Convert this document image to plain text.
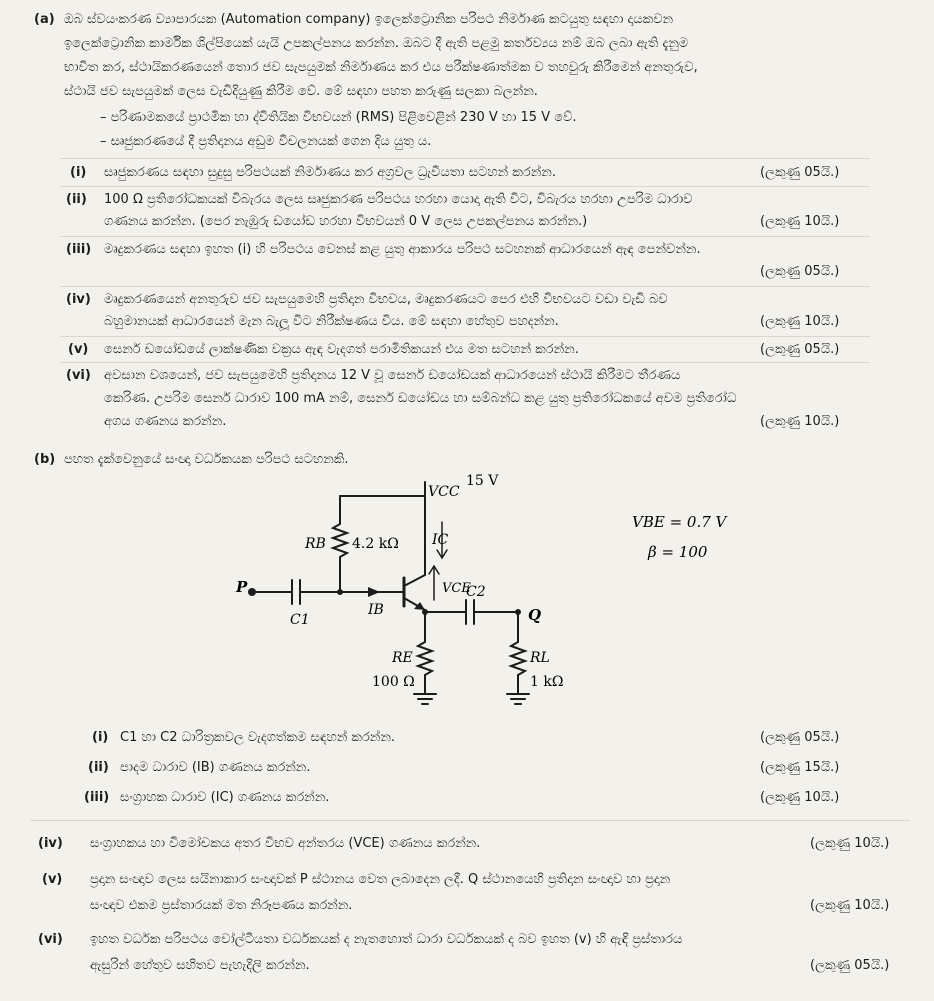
(a) ඔබ ස්වයංකරණ ව්‍යාපාරයක (Automation company) ඉලෙක්ට්‍රොනික පරිපථ නිර්මාණ කටයුතු සඳහා දායකවන
ඉලෙක්ට්‍රොනික කාර්මික ශිල්පියෙක් යැයි උපකල්පනය කරන්න. ඔබට දී ඇති පළමු කර්තව්‍යය නම් ඔබ ලබා ඇති දැනුම
භාවිත කර, ස්ථායිකරණයෙන් තොර ජව සැපයුමක් නිර්මාණය කර එය පරීක්ෂණාත්මක ව තහවුරු කිරීමෙන් අනතුරුව,
ස්ථායි ජව සැපයුමක් ලෙස වැඩිදියුණු කිරීම වේ. මේ සඳහා පහත කරුණු සලකා බලන්න.
– පරිණාමකයේ ප්‍රාථමික හා ද්විතියික විභවයන් (RMS) පිළිවෙළින් 230 V හා 15 V වේ.
– සෘජුකරණයේ දී ප්‍රතිදානය අඩුම විචලනයක් ගෙන දිය යුතු ය.
(i) සෘජුකරණය සඳහා සුදුසු පරිපථයක් නිර්මාණය කර අග්‍රවල ධ්‍රැවීයතා සටහන් කරන්න.	(ලකුණු 05යි.)
(ii) 100 Ω ප්‍රතිරෝධකයක් විබැරය ලෙස සෘජුකරණ පරිපථය හරහා යොදා ඇති විට, විබැරය හරහා උපරිම ධාරාව
ගණනය කරන්න. (පෙර නැඹුරු ඩයෝඩ හරහා විභවයන් 0 V ලෙස උපකල්පනය කරන්න.)	(ලකුණු 10යි.)
(iii) මෘදුකරණය සඳහා ඉහත (i) හි පරිපථය වෙනස් කළ යුතු ආකාරය පරිපථ සටහනක් ආධාරයෙන් ඇඳ පෙන්වන්න.
(ලකුණු 05යි.)
(iv) මෘදුකරණයෙන් අනතුරුව ජව සැපයුමෙහි ප්‍රතිදාන විභවය, මෘදුකරණයට පෙර එහි විභවයට වඩා වැඩි බව
බහුමානයක් ආධාරයෙන් මැන බැලූ විට නිරීක්ෂණය විය. මේ සඳහා හේතුව පහදන්න.	(ලකුණු 10යි.)
(v) සෙනර් ඩයෝඩයේ ලාක්ෂණික වක්‍රය ඇඳ වැදගත් පරාමිතිකයන් එය මත සටහන් කරන්න.	(ලකුණු 05යි.)
(vi) අවසාන වශයෙන්, ජව සැපයුමෙහි ප්‍රතිදානය 12 V වූ සෙනර් ඩයෝඩයක් ආධාරයෙන් ස්ථායි කිරීමට තීරණය
කෙරිණ. උපරිම සෙනර් ධාරාව 100 mA නම්, සෙනර් ඩයෝඩය හා සම්බන්ධ කළ යුතු ප්‍රතිරෝධකයේ අවම ප්‍රතිරෝධ
අගය ගණනය කරන්න.	(ලකුණු 10යි.)
(b) පහත දැක්වෙනුයේ සංඥා වර්ධකයක පරිපථ සටහනකි.
VCC
15 V
RB 4.2 kΩ IC
VCE
P
C1
IB
C2
Q
RE
100 Ω
RL
1 kΩ
VBE = 0.7 V
β = 100
(i) C1 හා C2 ධාරිත්‍රකවල වැදගත්කම සඳහන් කරන්න.	(ලකුණු 05යි.)
(ii) පාදම ධාරාව (IB) ගණනය කරන්න.	(ලකුණු 15යි.)
(iii) සංග්‍රාහක ධාරාව (IC) ගණනය කරන්න.	(ලකුණු 10යි.)
(iv) සංග්‍රාහකය හා විමෝචකය අතර විභව අන්තරය (VCE) ගණනය කරන්න.	(ලකුණු 10යි.)
(v) ප්‍රදාන සංඥාව ලෙස සයිනාකාර සංඥාවක් P ස්ථානය වෙත ලබාදෙන ලදී. Q ස්ථානයෙහි ප්‍රතිදාන සංඥාව හා ප්‍රදාන
සංඥාව එකම ප්‍රස්තාරයක් මත නිරූපණය කරන්න.	(ලකුණු 10යි.)
(vi) ඉහත වර්ධක පරිපථය වෝල්ටීයතා වර්ධකයක් ද නැතහොත් ධාරා වර්ධකයක් ද බව ඉහත (v) හි ඇඳි ප්‍රස්තාරය
ඇසුරින් හේතුව සහිතව පැහැදිලි කරන්න.	(ලකුණු 05යි.)
